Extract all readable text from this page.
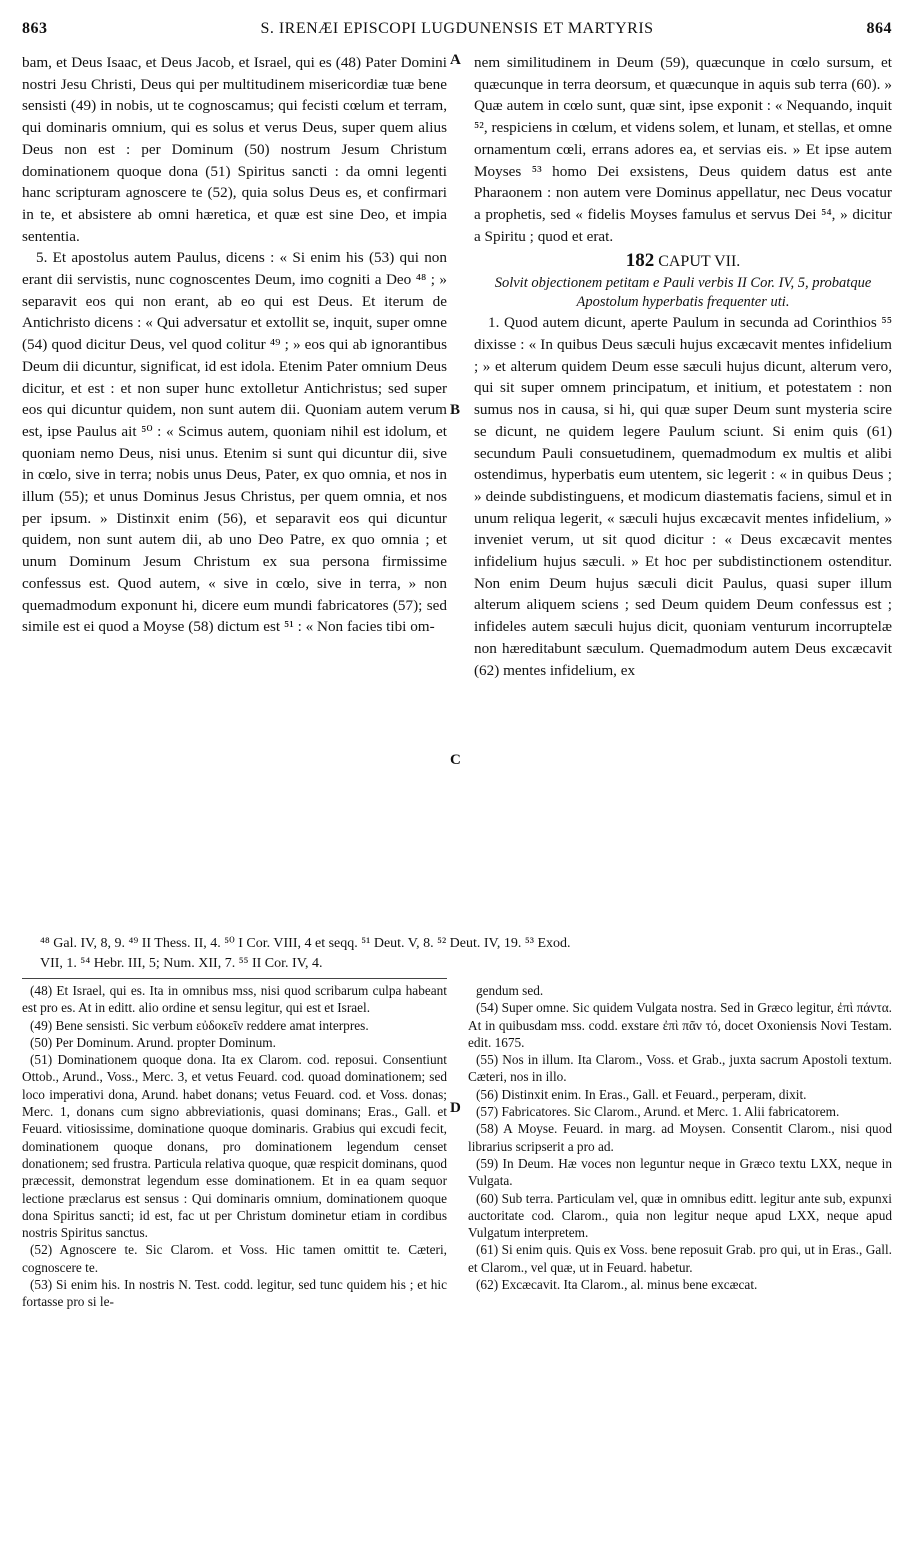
863	S. IRENÆI EPISCOPI LUGDUNENSIS ET MARTYRIS	864

bam, et Deus Isaac, et Deus Jacob, et Israel, qui es (48) Pater Domini nostri Jesu Christi, Deus qui per multitudinem misericordiæ tuæ bene sensisti (49) in nobis, ut te cognoscamus; qui fecisti cœlum et terram, qui dominaris omnium, qui es solus et verus Deus, super quem alius Deus non est : per Dominum (50) nostrum Jesum Christum dominationem quoque dona (51) Spiritus sancti : da omni legenti hanc scripturam agnoscere te (52), quia solus Deus es, et confirmari in te, et absistere ab omni hæretica, et quæ est sine Deo, et impia sententia.

5. Et apostolus autem Paulus, dicens : « Si enim his (53) qui non erant dii servistis, nunc cognoscentes Deum, imo cogniti a Deo ⁴⁸ ; » separavit eos qui non erant, ab eo qui est Deus. Et iterum de Antichristo dicens : « Qui adversatur et extollit se, inquit, super omne (54) quod dicitur Deus, vel quod colitur ⁴⁹ ; » eos qui ab ignorantibus Deum dii dicuntur, significat, id est idola. Etenim Pater omnium Deus dicitur, et est : et non super hunc extolletur Antichristus; sed super eos qui dicuntur quidem, non sunt autem dii. Quoniam autem verum est, ipse Paulus ait ⁵⁰ : « Scimus autem, quoniam nihil est idolum, et quoniam nemo Deus, nisi unus. Etenim si sunt qui dicuntur dii, sive in cœlo, sive in terra; nobis unus Deus, Pater, ex quo omnia, et nos in illum (55); et unus Dominus Jesus Christus, per quem omnia, et nos per ipsum. » Distinxit enim (56), et separavit eos qui dicuntur quidem, non sunt autem dii, ab uno Deo Patre, ex quo omnia ; et unum Dominum Jesum Christum ex sua persona firmissime confessus est. Quod autem, « sive in cœlo, sive in terra, » non quemadmodum exponunt hi, dicere eum mundi fabricatores (57); sed simile est ei quod a Moyse (58) dictum est ⁵¹ : « Non facies tibi om-

A
B
C
D

nem similitudinem in Deum (59), quæcunque in cœlo sursum, et quæcunque in terra deorsum, et quæcunque in aquis sub terra (60). » Quæ autem in cœlo sunt, quæ sint, ipse exponit : « Nequando, inquit ⁵², respiciens in cœlum, et videns solem, et lunam, et stellas, et omne ornamentum cœli, errans adores ea, et servias eis. » Et ipse autem Moyses ⁵³ homo Dei exsistens, Deus quidem datus est ante Pharaonem : non autem vere Dominus appellatur, nec Deus vocatur a prophetis, sed « fidelis Moyses famulus et servus Dei ⁵⁴, » dicitur a Spiritu ; quod et erat.

182 CAPUT VII.

Solvit objectionem petitam e Pauli verbis II Cor. IV, 5, probatque Apostolum hyperbatis frequenter uti.

1. Quod autem dicunt, aperte Paulum in secunda ad Corinthios ⁵⁵ dixisse : « In quibus Deus sæculi hujus excæcavit mentes infidelium ; » et alterum quidem Deum esse sæculi hujus dicunt, alterum vero, qui sit super omnem principatum, et initium, et potestatem : non sumus nos in causa, si hi, qui quæ super Deum sunt mysteria scire se dicunt, ne quidem legere Paulum sciunt. Si enim quis (61) secundum Pauli consuetudinem, quemadmodum ex multis et alibi ostendimus, hyperbatis eum utentem, sic legerit : « in quibus Deus ; » deinde subdistinguens, et modicum diastematis faciens, simul et in unum reliqua legerit, « sæculi hujus excæcavit mentes infidelium, » inveniet verum, ut sit quod dicitur : « Deus excæcavit mentes infidelium hujus sæculi. » Et hoc per subdistinctionem ostenditur. Non enim Deum hujus sæculi dicit Paulus, quasi super illum alterum aliquem sciens ; sed Deum quidem Deum confessus est ; infideles autem sæculi hujus dicit, quoniam venturum incorruptelæ non hæreditabunt sæculum. Quemadmodum autem Deus excæcavit (62) mentes infidelium, ex

⁴⁸ Gal. IV, 8, 9. ⁴⁹ II Thess. II, 4. ⁵⁰ I Cor. VIII, 4 et seqq. ⁵¹ Deut. V, 8. ⁵² Deut. IV, 19. ⁵³ Exod.

VII, 1. ⁵⁴ Hebr. III, 5; Num. XII, 7. ⁵⁵ II Cor. IV, 4.

(48) Et Israel, qui es. Ita in omnibus mss, nisi quod scribarum culpa habeant est pro es. At in editt. alio ordine et sensu legitur, qui est et Israel.

(49) Bene sensisti. Sic verbum εὐδοκεῖν reddere amat interpres.

(50) Per Dominum. Arund. propter Dominum.

(51) Dominationem quoque dona. Ita ex Clarom. cod. reposui. Consentiunt Ottob., Arund., Voss., Merc. 3, et vetus Feuard. cod. quoad dominationem; sed loco imperativi dona, Arund. habet donans; vetus Feuard. cod. et Voss. donas; Merc. 1, donans cum signo abbreviationis, quasi dominans; Eras., Gall. et Feuard. vitiosissime, dominatione quoque dominaris. Grabius qui excudi fecit, dominationem quoque donans, pro dominationem legendum censet donationem; sed frustra. Particula relativa quoque, quæ respicit dominans, quod præcessit, demonstrat legendum esse dominationem. Et in ea quam sequor lectione præclarus est sensus : Qui dominaris omnium, dominationem quoque dona Spiritus sancti; id est, fac ut per Christum dominetur etiam in cordibus nostris Spiritus sanctus.

(52) Agnoscere te. Sic Clarom. et Voss. Hic tamen omittit te. Cæteri, cognoscere te.

(53) Si enim his. In nostris N. Test. codd. legitur, sed tunc quidem his ; et hic fortasse pro si le-

gendum sed.

(54) Super omne. Sic quidem Vulgata nostra. Sed in Græco legitur, ἐπὶ πάντα. At in quibusdam mss. codd. exstare ἐπὶ πᾶν τό, docet Oxoniensis Novi Testam. edit. 1675.

(55) Nos in illum. Ita Clarom., Voss. et Grab., juxta sacrum Apostoli textum. Cæteri, nos in illo.

(56) Distinxit enim. In Eras., Gall. et Feuard., perperam, dixit.

(57) Fabricatores. Sic Clarom., Arund. et Merc. 1. Alii fabricatorem.

(58) A Moyse. Feuard. in marg. ad Moysen. Consentit Clarom., nisi quod librarius scripserit a pro ad.

(59) In Deum. Hæ voces non leguntur neque in Græco textu LXX, neque in Vulgata.

(60) Sub terra. Particulam vel, quæ in omnibus editt. legitur ante sub, expunxi auctoritate cod. Clarom., quia non legitur neque apud LXX, neque apud Vulgatum interpretem.

(61) Si enim quis. Quis ex Voss. bene reposuit Grab. pro qui, ut in Eras., Gall. et Clarom., vel quæ, ut in Feuard. habetur.

(62) Excæcavit. Ita Clarom., al. minus bene excæcat.
